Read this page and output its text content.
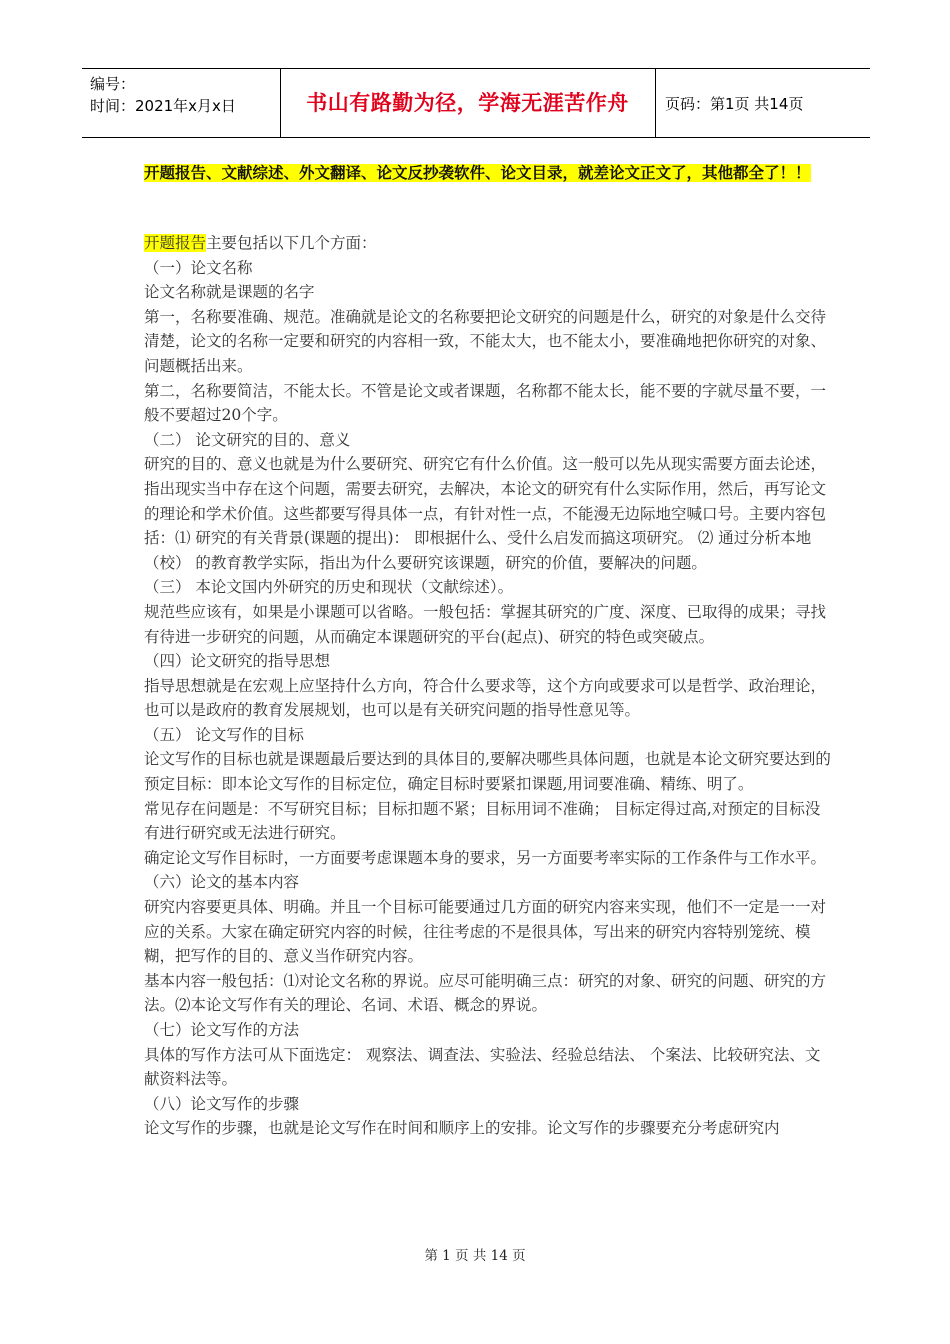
编号：
时间：2021年x月x日	书山有路勤为径，学海无涯苦作舟	页码：第1页 共14页
开题报告、文献综述、外文翻译、论文反抄袭软件、论文目录，就差论文正文了，其他都全了！！

开题报告主要包括以下几个方面：

（一）论文名称

论文名称就是课题的名字

第一，名称要准确、规范。准确就是论文的名称要把论文研究的问题是什么，研究的对象是什么交待清楚，论文的名称一定要和研究的内容相一致，不能太大，也不能太小，要准确地把你研究的对象、问题概括出来。

第二，名称要简洁，不能太长。不管是论文或者课题，名称都不能太长，能不要的字就尽量不要，一般不要超过20个字。

（二） 论文研究的目的、意义

研究的目的、意义也就是为什么要研究、研究它有什么价值。这一般可以先从现实需要方面去论述，指出现实当中存在这个问题，需要去研究，去解决，本论文的研究有什么实际作用，然后，再写论文的理论和学术价值。这些都要写得具体一点，有针对性一点，不能漫无边际地空喊口号。主要内容包括：⑴ 研究的有关背景(课题的提出)： 即根据什么、受什么启发而搞这项研究。 ⑵ 通过分析本地（校） 的教育教学实际，指出为什么要研究该课题，研究的价值，要解决的问题。

（三） 本论文国内外研究的历史和现状（文献综述）。

规范些应该有，如果是小课题可以省略。一般包括：掌握其研究的广度、深度、已取得的成果；寻找有待进一步研究的问题，从而确定本课题研究的平台(起点)、研究的特色或突破点。

（四）论文研究的指导思想

指导思想就是在宏观上应坚持什么方向，符合什么要求等，这个方向或要求可以是哲学、政治理论，也可以是政府的教育发展规划，也可以是有关研究问题的指导性意见等。

（五） 论文写作的目标

论文写作的目标也就是课题最后要达到的具体目的,要解决哪些具体问题，也就是本论文研究要达到的预定目标：即本论文写作的目标定位，确定目标时要紧扣课题,用词要准确、精练、明了。

常见存在问题是：不写研究目标；目标扣题不紧；目标用词不准确； 目标定得过高,对预定的目标没有进行研究或无法进行研究。

确定论文写作目标时，一方面要考虑课题本身的要求，另一方面要考率实际的工作条件与工作水平。

（六）论文的基本内容

研究内容要更具体、明确。并且一个目标可能要通过几方面的研究内容来实现，他们不一定是一一对应的关系。大家在确定研究内容的时候，往往考虑的不是很具体，写出来的研究内容特别笼统、模糊，把写作的目的、意义当作研究内容。

基本内容一般包括：⑴对论文名称的界说。应尽可能明确三点：研究的对象、研究的问题、研究的方法。⑵本论文写作有关的理论、名词、术语、概念的界说。

（七）论文写作的方法

具体的写作方法可从下面选定： 观察法、调查法、实验法、经验总结法、 个案法、比较研究法、文献资料法等。

（八）论文写作的步骤

论文写作的步骤，也就是论文写作在时间和顺序上的安排。论文写作的步骤要充分考虑研究内

第 1 页 共 14 页
